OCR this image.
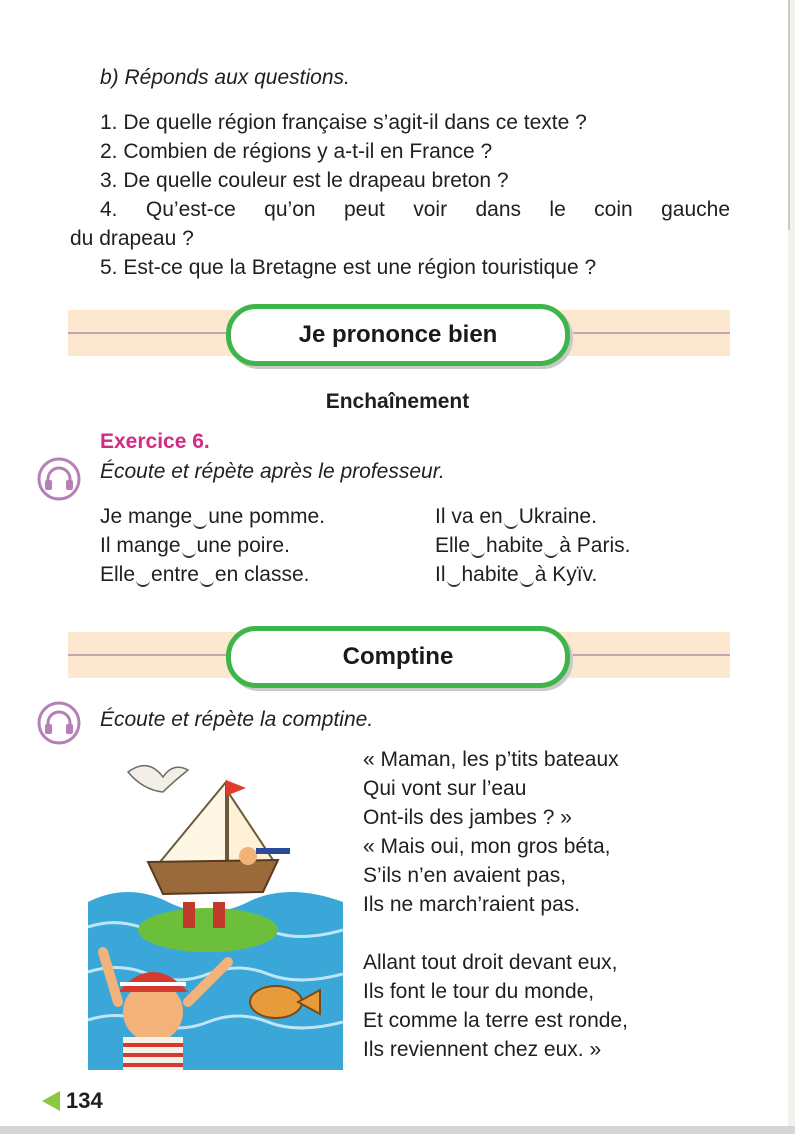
b) Réponds aux questions.
1. De quelle région française s’agit-il dans ce texte ?
2. Combien de régions y a-t-il en France ?
3. De quelle couleur est le drapeau breton ?
4. Qu’est-ce qu’on peut voir dans le coin gauche
du drapeau ?
5. Est-ce que la Bretagne est une région touristique ?
Je prononce bien
Enchaînement
Exercice 6.
Écoute et répète après le professeur.
Je mange une pomme.
Il mange une poire.
Elle entre en classe.
Il va en Ukraine.
Elle habite à Paris.
Il habite à Kyïv.
Comptine
Écoute et répète la comptine.
« Maman, les p’tits bateaux
Qui vont sur l’eau
Ont-ils des jambes ? »
« Mais oui, mon gros béta,
S’ils n’en avaient pas,
Ils ne march’raient pas.
Allant tout droit devant eux,
Ils font le tour du monde,
Et comme la terre est ronde,
Ils reviennent chez eux. »
134
